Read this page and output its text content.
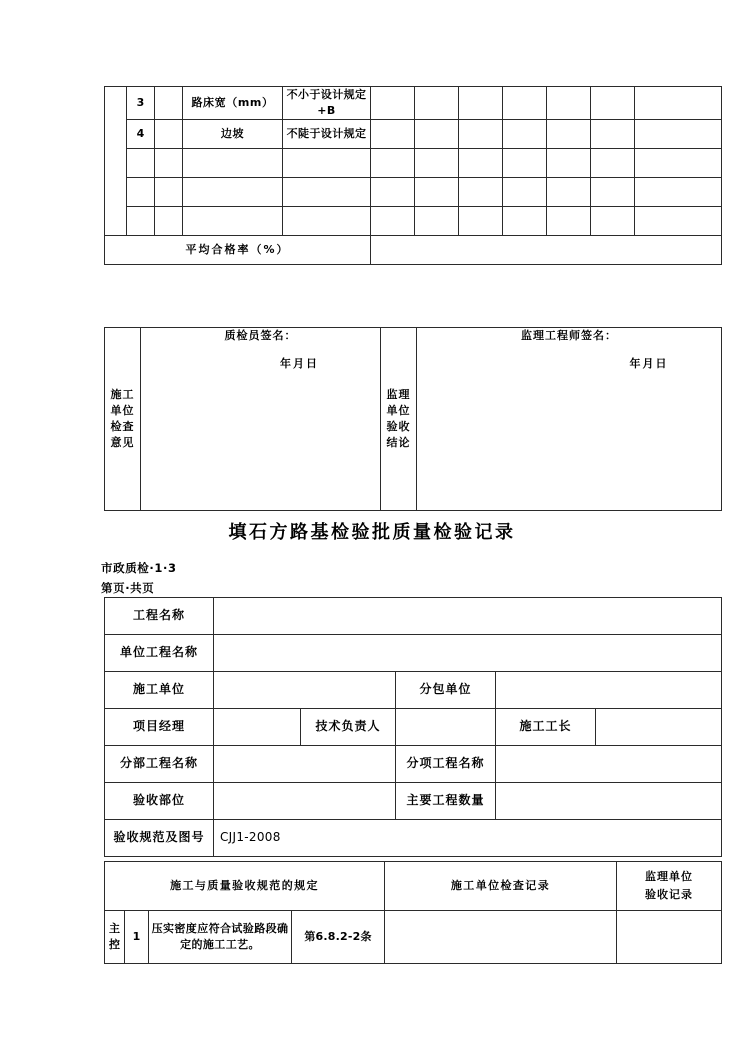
	3		路床宽（mm）	不小于设计规定+B							
	4		边坡	不陡于设计规定							

平均合格率（%）											
施工单位检查意见	质检员签名：
年月日
	监理单位验收结论	监理工程师签名：
年月日
填石方路基检验批质量检验记录
市政质检·1·3
第页·共页
工程名称					
单位工程名称					
施工单位			分包单位		
项目经理		技术负责人		施工工长	
分部工程名称			分项工程名称		
验收部位			主要工程数量		
验收规范及图号	CJJ1-2008				
施工与质量验收规范的规定				施工单位检查记录	监理单位
验收记录

主控	1	压实密度应符合试验路段确定的施工工艺。	第6.8.2-2条		
